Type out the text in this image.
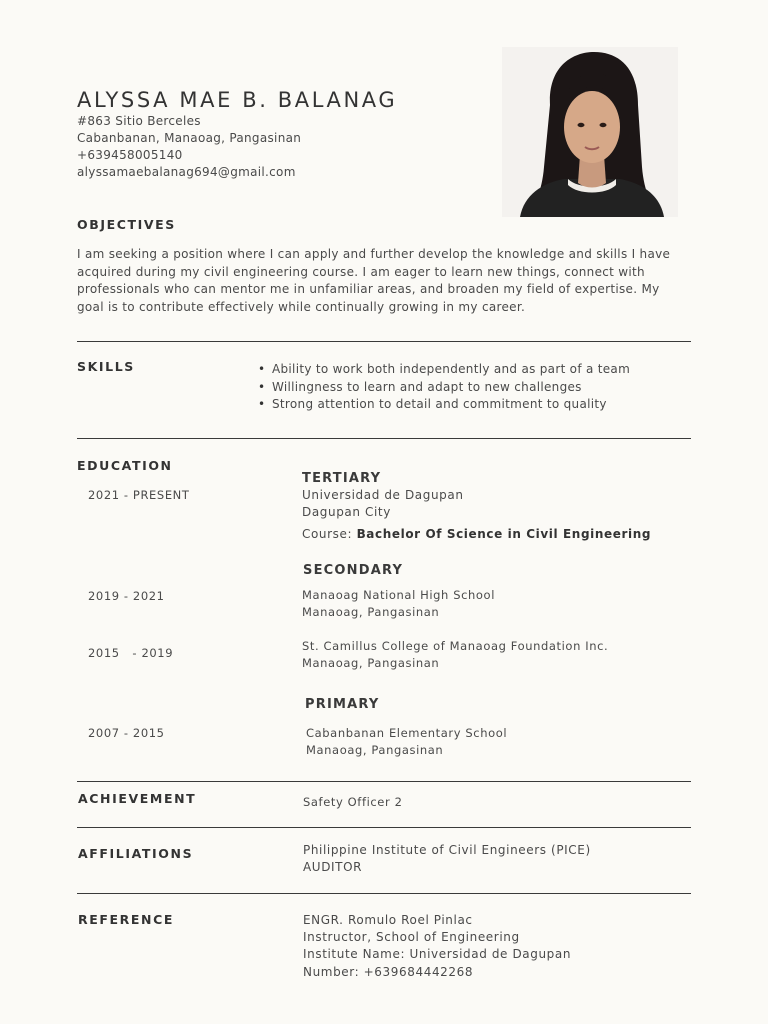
ALYSSA MAE B. BALANAG
#863 Sitio Berceles
Cabanbanan, Manaoag, Pangasinan
+639458005140
alyssamaebalanag694@gmail.com
OBJECTIVES
I am seeking a position where I can apply and further develop the knowledge and skills I have acquired during my civil engineering course. I am eager to learn new things, connect with professionals who can mentor me in unfamiliar areas, and broaden my field of expertise. My goal is to contribute effectively while continually growing in my career.
SKILLS
•	Ability to work both independently and as part of a team
• Willingness to learn and adapt to new challenges
• Strong attention to detail and commitment to quality
EDUCATION
TERTIARY
2021 - PRESENT	Universidad de Dagupan
Dagupan City
Course: Bachelor Of Science in Civil Engineering
SECONDARY
2019 - 2021	Manaoag National High School
Manaoag, Pangasinan
2015   - 2019	St. Camillus College of Manaoag Foundation Inc.
Manaoag, Pangasinan
PRIMARY
2007 - 2015	Cabanbanan Elementary School
Manaoag, Pangasinan
ACHIEVEMENT	Safety Officer 2
AFFILIATIONS	Philippine Institute of Civil Engineers (PICE)
AUDITOR
REFERENCE	ENGR. Romulo Roel Pinlac
Instructor, School of Engineering
Institute Name: Universidad de Dagupan
Number: +639684442268
